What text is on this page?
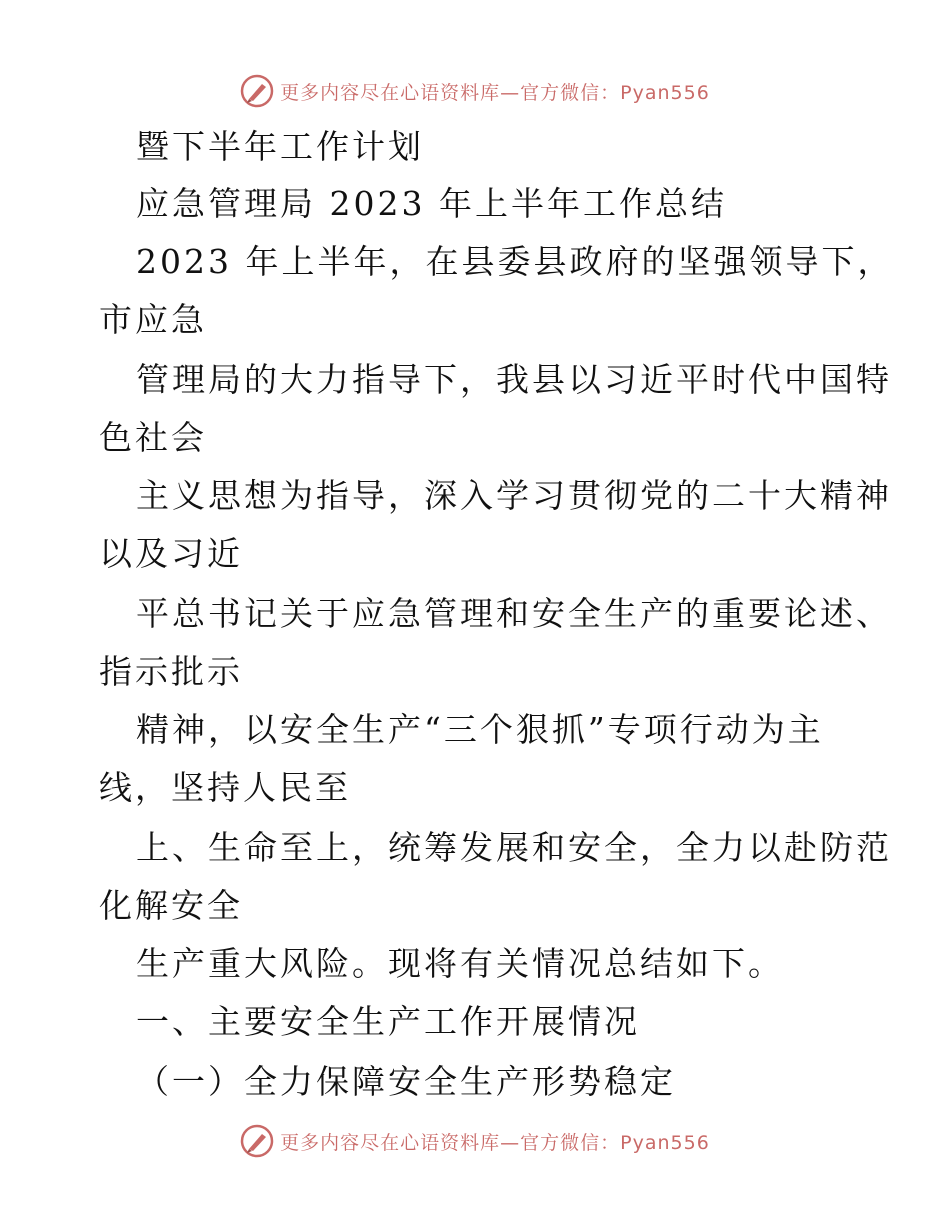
更多内容尽在心语资料库—官方微信：Pyan556
暨下半年工作计划
应急管理局 2023 年上半年工作总结
2023 年上半年，在县委县政府的坚强领导下，
市应急
管理局的大力指导下，我县以习近平时代中国特
色社会
主义思想为指导，深入学习贯彻党的二十大精神
以及习近
平总书记关于应急管理和安全生产的重要论述、
指示批示
精神，以安全生产“三个狠抓”专项行动为主
线，坚持人民至
上、生命至上，统筹发展和安全，全力以赴防范
化解安全
生产重大风险。现将有关情况总结如下。
一、主要安全生产工作开展情况
（一）全力保障安全生产形势稳定
更多内容尽在心语资料库—官方微信：Pyan556
